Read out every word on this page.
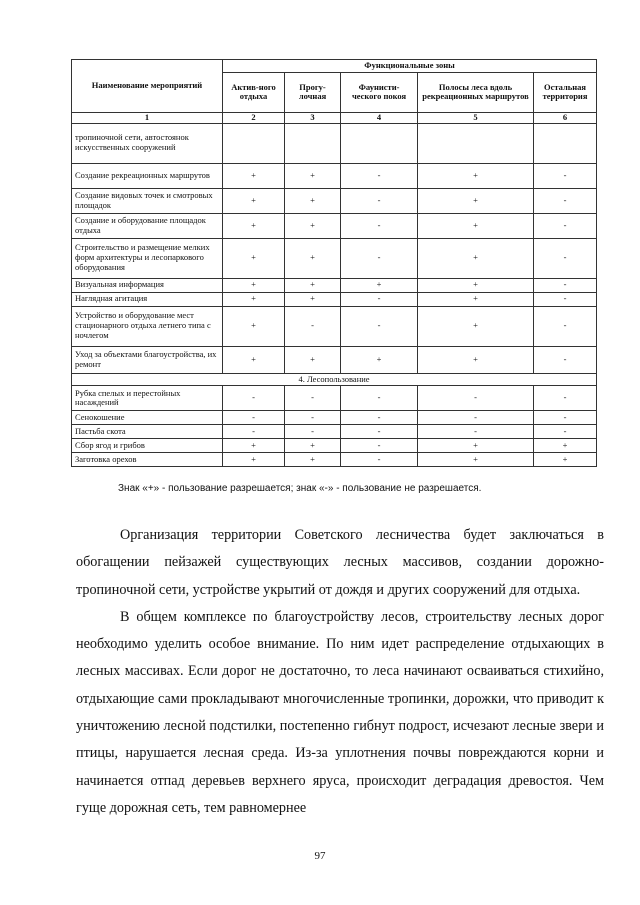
Наименование мероприятий	Функциональные зоны				
	Актив-ного отдыха	Прогу-лочная	Фаунисти-ческого покоя	Полосы леса вдоль рекреационных маршрутов	Остальная территория
1	2	3	4	5	6
тропиночной сети, автостоянок искусственных сооружений					
Создание рекреационных маршрутов	+	+	-	+	-
Создание видовых точек и смотровых площадок	+	+	-	+	-
Создание и оборудование площадок отдыха	+	+	-	+	-
Строительство и размещение мелких форм архитектуры и лесопаркового оборудования	+	+	-	+	-
Визуальная информация	+	+	+	+	-
Наглядная агитация	+	+	-	+	-
Устройство и оборудование мест стационарного отдыха летнего типа с ночлегом	+	-	-	+	-
Уход за объектами благоустройства, их ремонт	+	+	+	+	-
4. Лесопользование					
Рубка спелых и перестойных насаждений	-	-	-	-	-
Сенокошение	-	-	-	-	-
Пастьба скота	-	-	-	-	-
Сбор ягод и грибов	+	+	-	+	+
Заготовка орехов	+	+	-	+	+
Знак «+» - пользование разрешается; знак «-» - пользование не разрешается.

Организация территории Советского лесничества будет заключаться в обогащении пейзажей существующих лесных массивов, создании дорожно-тропиночной сети, устройстве укрытий от дождя и других сооружений для отдыха.

В общем комплексе по благоустройству лесов, строительству лесных дорог необходимо уделить особое внимание. По ним идет распределение отдыхающих в лесных массивах. Если дорог не достаточно, то леса начинают осваиваться стихийно, отдыхающие сами прокладывают многочисленные тропинки, дорожки, что приводит к уничтожению лесной подстилки, постепенно гибнут подрост, исчезают лесные звери и птицы, нарушается лесная среда. Из-за уплотнения почвы повреждаются корни и начинается отпад деревьев верхнего яруса, происходит деградация древостоя. Чем гуще дорожная сеть, тем равномернее

97
